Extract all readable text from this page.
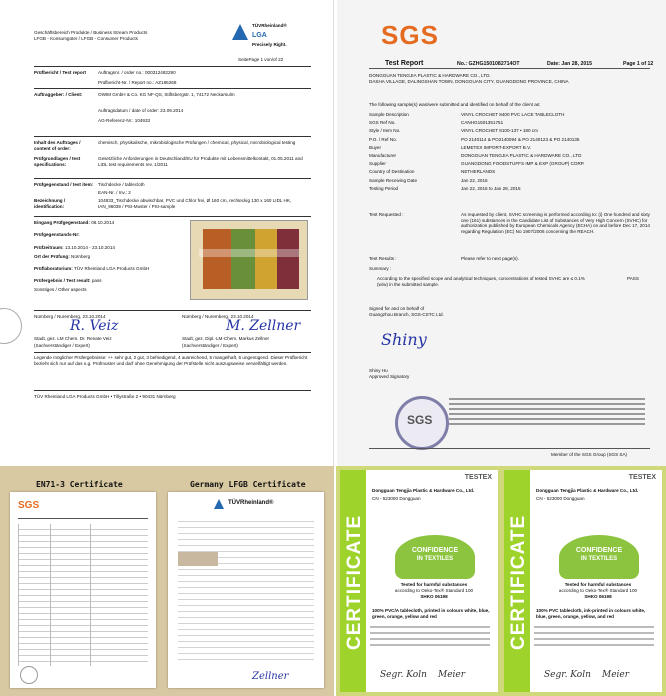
Geschäftsbereich Produkte / Business Stream Products
LFGB - Konsumgüter / LFGB - Consumer Products
TÜVRheinland®
LGA
Precisely Right.
SeitePage 1 von/of 22
Prüfbericht / Test report	Auftragsnr. / order no.: 000312482290
Prüfbericht-Nr. / Report no.: AZ185268
Auftraggeber: / Client:	OWIM GmbH & Co. KG NF-QS, Stiftsbergstr. 1, 74172 Neckarsulm
Auftragsdatum / date of order: 23.09.2014
AG-Referenz-Nr.: 104933
Inhalt des Auftrages / content of order:
chemisch, physikalische, mikrobiologische Prüfungen / chemical, physical, microbiological testing
Prüfgrundlagen / test specifications:
Gesetzliche Anforderungen in Deutschland/EU für Produkte mit Lebensmittelkontakt, 01.05.2011 and LIDL test requirements rev. 1/2011
Prüfgegenstand / test item: Tischdecke / tablecloth
EAN-Nr. / Inv.: 2
Bezeichnung / identification:
104833_Tischdecke abwischbar, PVC und Chlor frei, Ø 160 cm, rechteckig 130 x 160 LIDL HK, IAN_96039 / PSI-Muster / PSI-sample
Eingang Prüfgegenstand: 06.10.2014
Prüfgegenstands-Nr:
Prüfzeitraum: 13.10.2014 - 23.10.2014
Ort der Prüfung: Nürnberg
Prüflaboratorium: TÜV Rheinland LGA Products GmbH
Prüfergebnis / Test result: pass
Sonstiges / Other aspects
Nürnberg / Nuremberg, 23.10.2014	Nürnberg / Nuremberg, 23.10.2014
R. Veiz	M. Zellner
Stadt, gez. LM Chem. Dr. Renate Veiz	Stadt, gez. Dipl.-LM-Chem. Markus Zellner
(Sachverständiger / Expert)	(Sachverständiger / Expert)
Legende möglicher Prüfergebnisse: ++ sehr gut, 2 gut, 3 befriedigend, 4 ausreichend, 5 mangelhaft, 6 ungenügend. Dieser Prüfbericht bezieht sich nur auf das o.g. Prüfmuster und darf ohne Genehmigung der Prüfstelle nicht auszugsweise vervielfältigt werden.
TÜV Rheinland LGA Products GmbH • Tillystraße 2 • 90431 Nürnberg
SGS
Test Report	No.: GZHG1501082714OT	Date: Jan 28, 2015	Page 1 of 12
DONGGUAN TENGJIA PLASTIC & HARDWARE CO., LTD.
DASHA VILLAGE, DALINGSHAN TOWN, DONGGUAN CITY, GUANGDONG PROVINCE, CHINA
The following sample(s) was/were submitted and identified on behalf of the client as:
Sample Description	VINYL CROCHET 8400 PVC LACE TABLECLOTH
SGS Ref No.	CANHG1501351751
Style / Item No.	VINYL CROCHET 8100-137 • 180 cm
P.O. / Ref No.	PO 2140114 & PO2140094 & PO 2140123 & PO 2140135
Buyer	LEMETEX IMPORT-EXPORT B.V.
Manufacturer	DONGGUAN TENGJIA PLASTIC & HARDWARE CO., LTD
Supplier	GUANGDONG FOODSTUFFS IMP & EXP (GROUP) CORP.
Country of Destination	NETHERLANDS
Sample Receiving Date	Jan 22, 2015
Testing Period	Jan 22, 2015 to Jan 28, 2015
Test Requested :	As requested by client, SVHC screening is performed according to: (i) One hundred and sixty one (161) substances in the Candidate List of Substances of Very High Concern (SVHC) for authorization published by European Chemicals Agency (ECHA) on and before Dec 17, 2014 regarding Regulation (EC) No 1907/2006 concerning the REACH.
Test Results :	Please refer to next page(s).
Summary :
According to the specified scope and analytical techniques, concentrations of tested SVHC are ≤ 0.1% (w/w) in the submitted sample.
PASS
Signed for and on behalf of Guangzhou Branch, SGS-CSTC Ltd.
Shiny
Shiny Hu
Approved Signatory
SGS
Member of the SGS Group (SGS SA)
EN71-3 Certificate	Germany LFGB Certificate
SGS	TÜVRheinland®
Zellner
CERTIFICATE
TESTEX
Dongguan Tengjia Plastic & Hardware Co., Ltd.
CN - 523000 Dongguan
CONFIDENCE
IN TEXTILES
Tested for harmful substances
according to Oeko-Tex® Standard 100
SHKO 06198
100% PVC/A tablecloth, printed in colours white, blue, green, orange, yellow and red
Segr. Koln Meier
CERTIFICATE
TESTEX
Dongguan Tengjia Plastic & Hardware Co., Ltd.
CN - 523000 Dongguan
CONFIDENCE
IN TEXTILES
Tested for harmful substances
according to Oeko-Tex® Standard 100
SHKO 06198
100% PVC tablecloth, ink-printed in colours white, blue, green, orange, yellow, and red
Segr. Koln Meier
